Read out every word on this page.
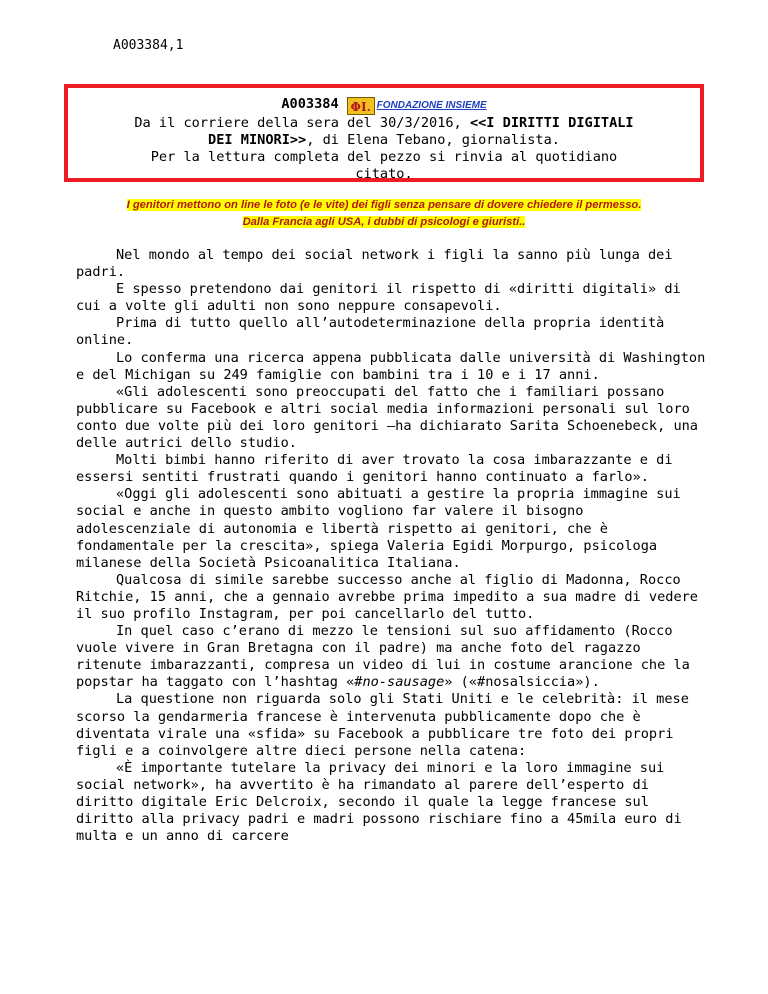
A003384,1
A003384 ΦI. FONDAZIONE INSIEME
Da il corriere della sera del 30/3/2016, <<I DIRITTI DIGITALI
DEI MINORI>>, di Elena Tebano, giornalista.
Per la lettura completa del pezzo si rinvia al quotidiano
citato.
I genitori mettono on line le foto (e le vite) dei figli senza pensare di dovere chiedere il permesso.
Dalla Francia agli USA, i dubbi di psicologi e giuristi..

Nel mondo al tempo dei social network i figli la sanno più lunga dei padri.

E spesso pretendono dai genitori il rispetto di «diritti digitali» di cui a volte gli adulti non sono neppure consapevoli.

Prima di tutto quello all’autodeterminazione della propria identità online.

Lo conferma una ricerca appena pubblicata dalle università di Washington e del Michigan su 249 famiglie con bambini tra i 10 e i 17 anni.

«Gli adolescenti sono preoccupati del fatto che i familiari possano pubblicare su Facebook e altri social media informazioni personali sul loro conto due volte più dei loro genitori —ha dichiarato Sarita Schoenebeck, una delle autrici dello studio.

Molti bimbi hanno riferito di aver trovato la cosa imbarazzante e di essersi sentiti frustrati quando i genitori hanno continuato a farlo».

«Oggi gli adolescenti sono abituati a gestire la propria immagine sui social e anche in questo ambito vogliono far valere il bisogno adolescenziale di autonomia e libertà rispetto ai genitori, che è fondamentale per la crescita», spiega Valeria Egidi Morpurgo, psicologa milanese della Società Psicoanalitica Italiana.

Qualcosa di simile sarebbe successo anche al figlio di Madonna, Rocco Ritchie, 15 anni, che a gennaio avrebbe prima impedito a sua madre di vedere il suo profilo Instagram, per poi cancellarlo del tutto.

In quel caso c’erano di mezzo le tensioni sul suo affidamento (Rocco vuole vivere in Gran Bretagna con il padre) ma anche foto del ragazzo ritenute imbarazzanti, compresa un video di lui in costume arancione che la popstar ha taggato con l’hashtag «#no-sausage» («#nosalsiccia»).

La questione non riguarda solo gli Stati Uniti e le celebrità: il mese scorso la gendarmeria francese è intervenuta pubblicamente dopo che è diventata virale una «sfida» su Facebook a pubblicare tre foto dei propri figli e a coinvolgere altre dieci persone nella catena:

«È importante tutelare la privacy dei minori e la loro immagine sui social network», ha avvertito è ha rimandato al parere dell’esperto di diritto digitale Eric Delcroix, secondo il quale la legge francese sul diritto alla privacy padri e madri possono rischiare fino a 45mila euro di multa e un anno di carcere
